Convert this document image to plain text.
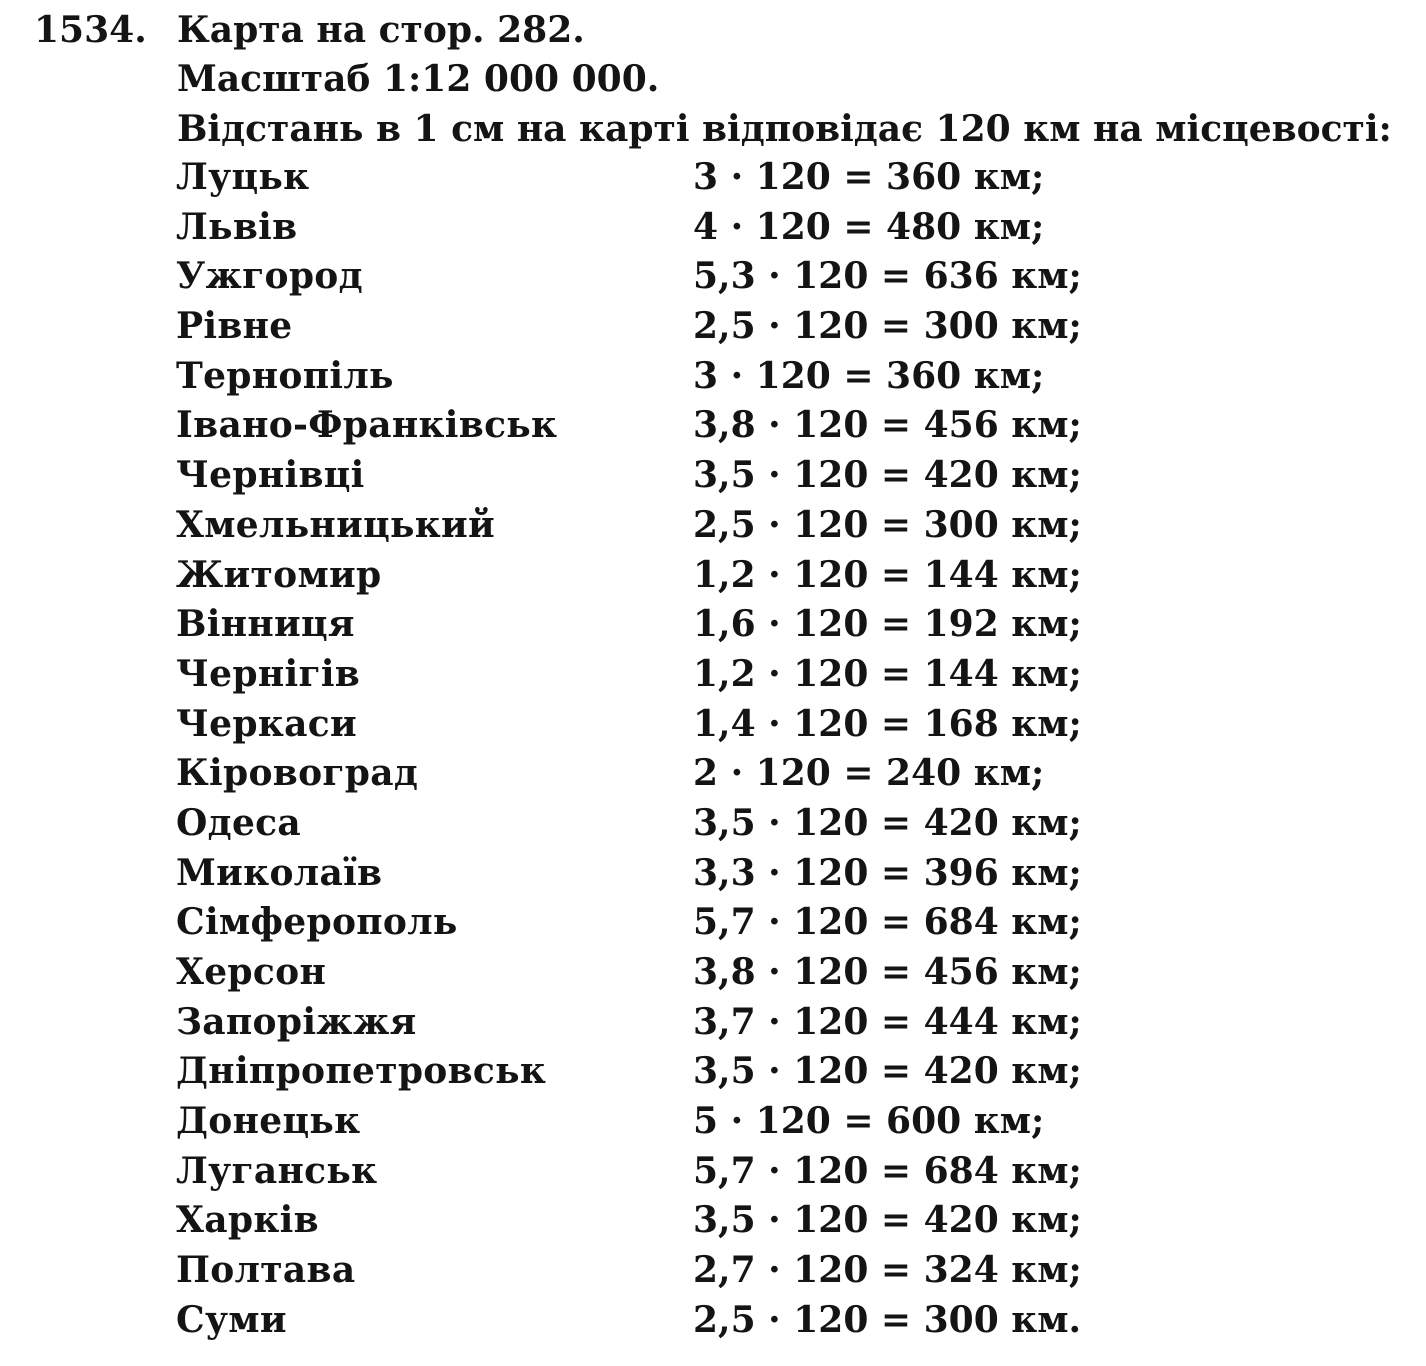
1534. Карта на стор. 282.
Масштаб 1:12 000 000.
Відстань в 1 см на карті відповідає 120 км на місцевості:
Луцьк	3 · 120 = 360 км;
Львів	4 · 120 = 480 км;
Ужгород	5,3 · 120 = 636 км;
Рівне	2,5 · 120 = 300 км;
Тернопіль	3 · 120 = 360 км;
Івано-Франківськ	3,8 · 120 = 456 км;
Чернівці	3,5 · 120 = 420 км;
Хмельницький	2,5 · 120 = 300 км;
Житомир	1,2 · 120 = 144 км;
Вінниця	1,6 · 120 = 192 км;
Чернігів	1,2 · 120 = 144 км;
Черкаси	1,4 · 120 = 168 км;
Кіровоград	2 · 120 = 240 км;
Одеса	3,5 · 120 = 420 км;
Миколаїв	3,3 · 120 = 396 км;
Сімферополь	5,7 · 120 = 684 км;
Херсон	3,8 · 120 = 456 км;
Запоріжжя	3,7 · 120 = 444 км;
Дніпропетровськ	3,5 · 120 = 420 км;
Донецьк	5 · 120 = 600 км;
Луганськ	5,7 · 120 = 684 км;
Харків	3,5 · 120 = 420 км;
Полтава	2,7 · 120 = 324 км;
Суми	2,5 · 120 = 300 км.
